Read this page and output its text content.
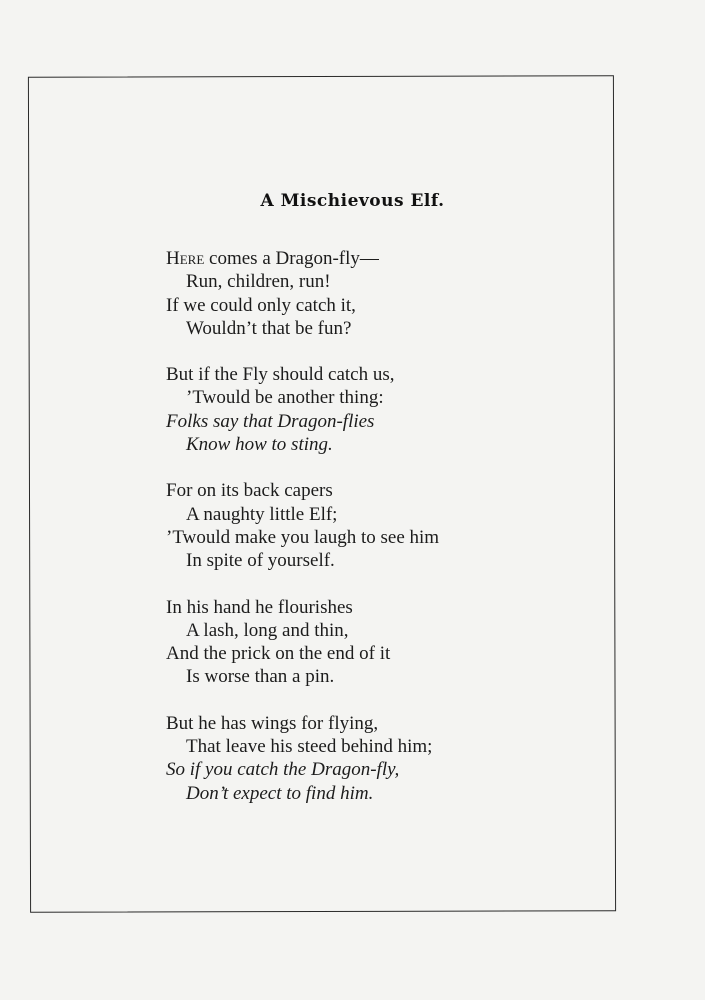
A Mischievous Elf.
Here comes a Dragon-fly—
Run, children, run!
If we could only catch it,
Wouldn’t that be fun?
But if the Fly should catch us,
’Twould be another thing:
Folks say that Dragon-flies
Know how to sting.
For on its back capers
A naughty little Elf;
’Twould make you laugh to see him
In spite of yourself.
In his hand he flourishes
A lash, long and thin,
And the prick on the end of it
Is worse than a pin.
But he has wings for flying,
That leave his steed behind him;
So if you catch the Dragon-fly,
Don’t expect to find him.
